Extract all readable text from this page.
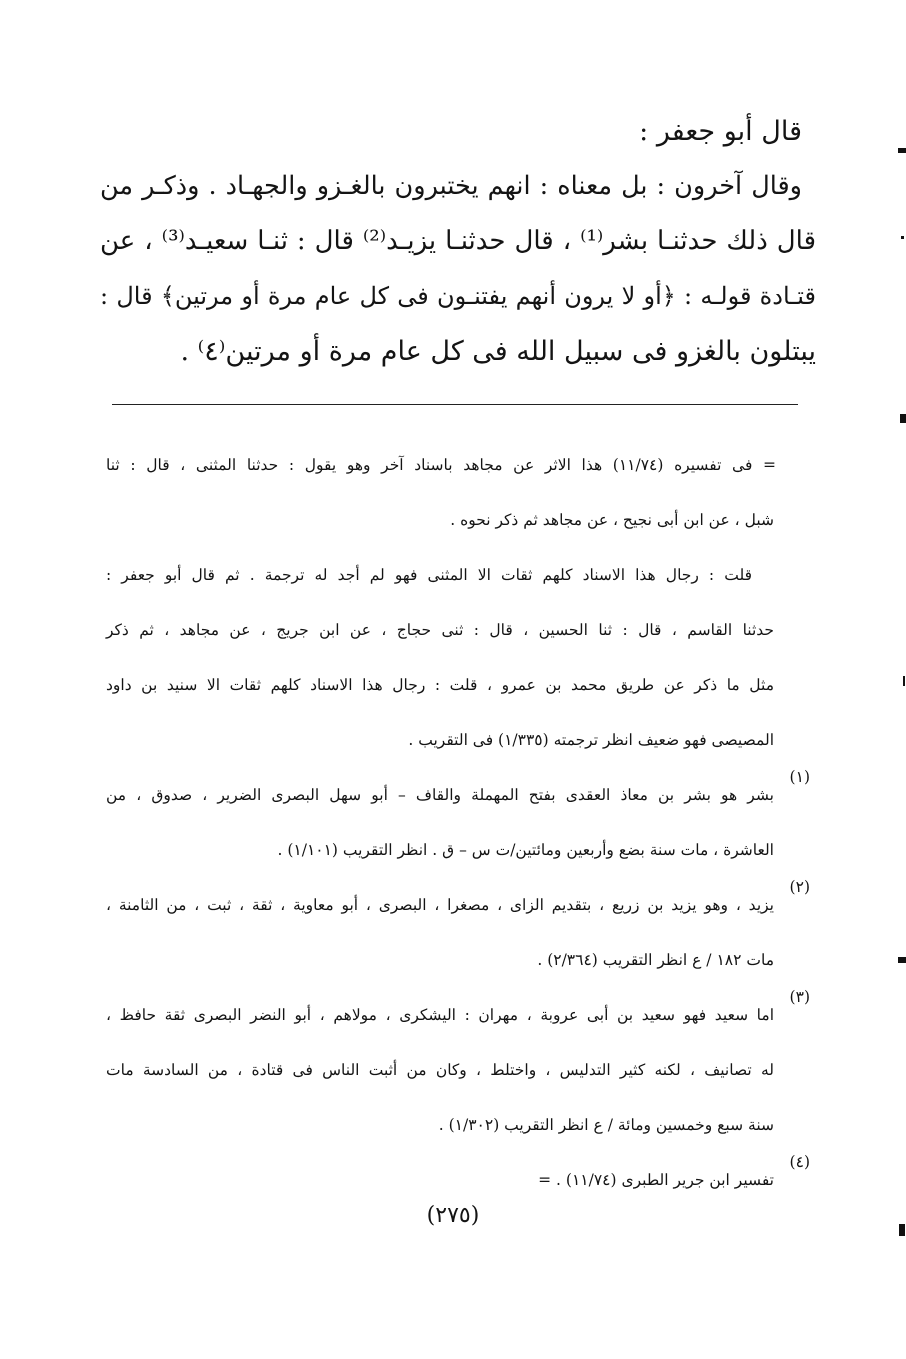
قال أبو جعفر :
وقال آخرون : بل معناه : انهم يختبرون بالغـزو والجهـاد . وذكـر من
قال ذلك حدثنـا بشر⁽¹⁾ ، قال حدثنـا يزيـد⁽²⁾ قال : ثنـا سعيـد⁽³⁾ ، عن
قتـادة قولـه : ﴿أو لا يرون أنهم يفتنـون فى كل عام مرة أو مرتين﴾ قال :
يبتلون بالغزو فى سبيل الله فى كل عام مرة أو مرتين⁽٤⁾ .
= فى تفسيره (١١/٧٤) هذا الاثر عن مجاهد باسناد آخر وهو يقول : حدثنا المثنى ، قال : ثنا
شبل ، عن ابن أبى نجيح ، عن مجاهد ثم ذكر نحوه .
قلت : رجال هذا الاسناد كلهم ثقات الا المثنى فهو لم أجد له ترجمة . ثم قال أبو جعفر :
حدثنا القاسم ، قال : ثنا الحسين ، قال : ثنى حجاج ، عن ابن جريج ، عن مجاهد ، ثم ذكر
مثل ما ذكر عن طريق محمد بن عمرو ، قلت : رجال هذا الاسناد كلهم ثقات الا سنيد بن داود
المصيصى فهو ضعيف انظر ترجمته (١/٣٣٥) فى التقريب .
(١)
بشر هو بشر بن معاذ العقدى بفتح المهملة والقاف – أبو سهل البصرى الضرير ، صدوق ، من
العاشرة ، مات سنة بضع وأربعين ومائتين/ت س – ق . انظر التقريب (١/١٠١) .
(٢)
يزيد ، وهو يزيد بن زريع ، بتقديم الزاى ، مصغرا ، البصرى ، أبو معاوية ، ثقة ، ثبت ، من الثامنة ،
مات ١٨٢ / ع انظر التقريب (٢/٣٦٤) .
(٣)
اما سعيد فهو سعيد بن أبى عروبة ، مهران : اليشكرى ، مولاهم ، أبو النضر البصرى ثقة حافظ ،
له تصانيف ، لكنه كثير التدليس ، واختلط ، وكان من أثبت الناس فى قتادة ، من السادسة مات
سنة سبع وخمسين ومائة / ع انظر التقريب (١/٣٠٢) .
(٤)
تفسير ابن جرير الطبرى (١١/٧٤) . =
(٢٧٥)
